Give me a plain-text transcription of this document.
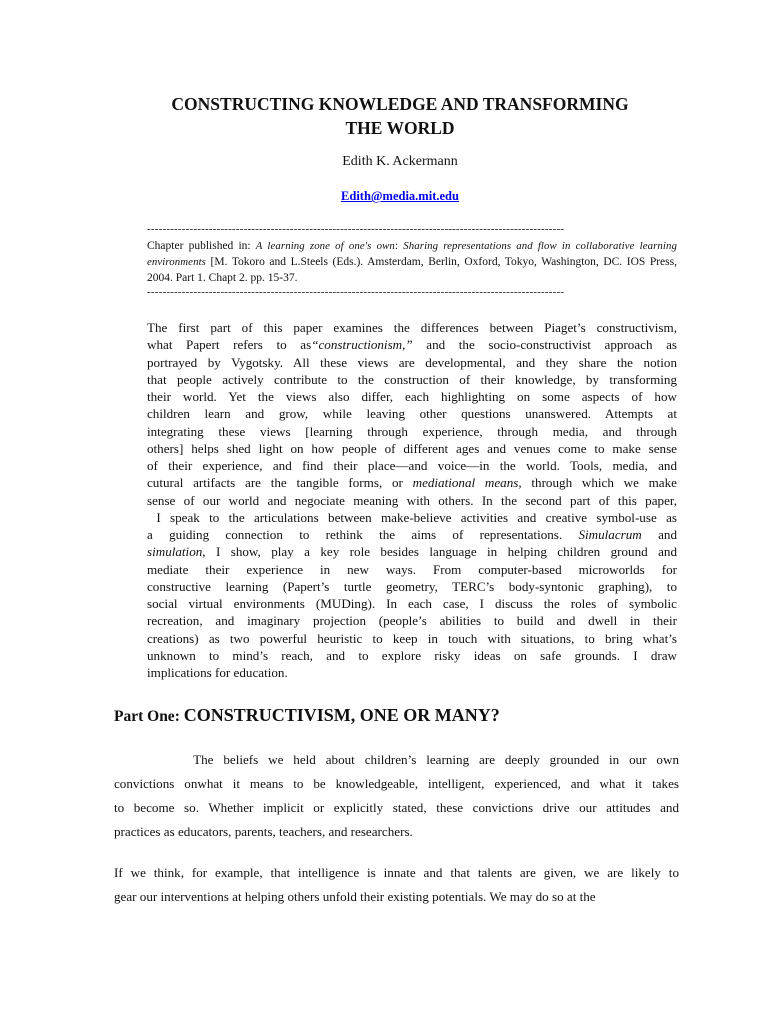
CONSTRUCTING KNOWLEDGE AND TRANSFORMING
THE WORLD

Edith K. Ackermann

Edith@media.mit.edu
------------------------------------------------------------------------------------------------------------

Chapter published in: A learning zone of one's own: Sharing representations and flow in collaborative learning environments [M. Tokoro and L.Steels (Eds.). Amsterdam, Berlin, Oxford, Tokyo, Washington, DC. IOS Press, 2004. Part 1. Chapt 2. pp. 15-37.

------------------------------------------------------------------------------------------------------------
The first part of this paper examines the differences between Piaget’s constructivism,
what Papert refers to as“constructionism,” and the socio-constructivist approach as
portrayed by Vygotsky. All these views are developmental, and they share the notion
that people actively contribute to the construction of their knowledge, by transforming
their world. Yet the views also differ, each highlighting on some aspects of how
children learn and grow, while leaving other questions unanswered. Attempts at
integrating these views [learning through experience, through media, and through
others] helps shed light on how people of different ages and venues come to make sense
of their experience, and find their place—and voice—in the world. Tools, media, and
cutural artifacts are the tangible forms, or mediational means, through which we make
sense of our world and negociate meaning with others. In the second part of this paper,
I speak to the articulations between make-believe activities and creative symbol-use as
a guiding connection to rethink the aims of representations. Simulacrum and
simulation, I show, play a key role besides language in helping children ground and
mediate their experience in new ways. From computer-based microworlds for
constructive learning (Papert’s turtle geometry, TERC’s body-syntonic graphing), to
social virtual environments (MUDing). In each case, I discuss the roles of symbolic
recreation, and imaginary projection (people’s abilities to build and dwell in their
creations) as two powerful heuristic to keep in touch with situations, to bring what’s
unknown to mind’s reach, and to explore risky ideas on safe grounds. I draw
implications for education.
Part One: CONSTRUCTIVISM, ONE OR MANY?
The beliefs we held about children’s learning are deeply grounded in our own
convictions onwhat it means to be knowledgeable, intelligent, experienced, and what it takes
to become so. Whether implicit or explicitly stated, these convictions drive our attitudes and
practices as educators, parents, teachers, and researchers.
If we think, for example, that intelligence is innate and that talents are given, we are likely to
gear our interventions at helping others unfold their existing potentials. We may do so at the
